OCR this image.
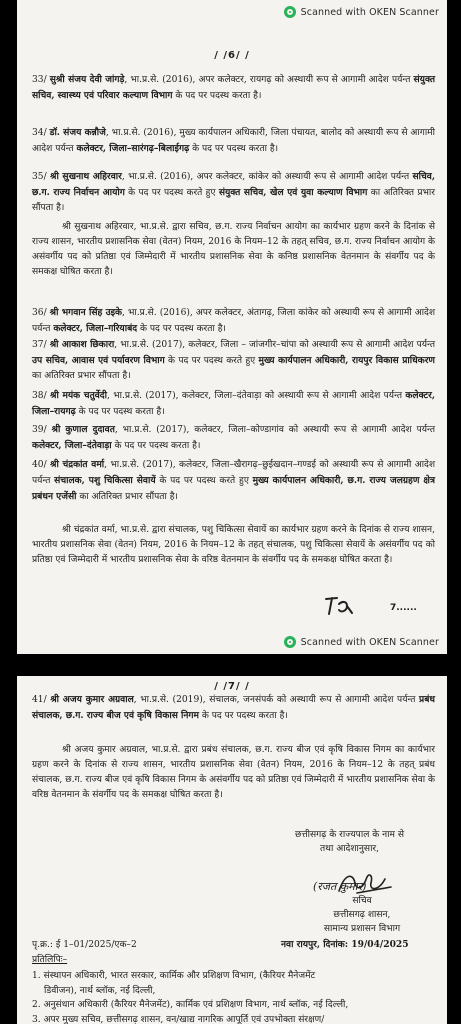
Scanned with OKEN Scanner
/ /6/ /

33/ सुश्री संजय देवी जांगड़े, भा.प्र.से. (2016), अपर कलेक्टर, रायगढ़ को अस्थायी रूप से आगामी आदेश पर्यन्त संयुक्त सचिव, स्वास्थ्य एवं परिवार कल्याण विभाग के पद पर पदस्थ करता है।

34/ डॉ. संजय कन्नौजे, भा.प्र.से. (2016), मुख्य कार्यपालन अधिकारी, जिला पंचायत, बालोद को अस्थायी रूप से आगामी आदेश पर्यन्त कलेक्टर, जिला–सारंगढ़–बिलाईगढ़ के पद पर पदस्थ करता है।

35/ श्री सुखनाथ अहिरवार, भा.प्र.से. (2016), अपर कलेक्टर, कांकेर को अस्थायी रूप से आगामी आदेश पर्यन्त सचिव, छ.ग. राज्य निर्वाचन आयोग के पद पर पदस्थ करते हुए संयुक्त सचिव, खेल एवं युवा कल्याण विभाग का अतिरिक्त प्रभार सौंपता है।

श्री सुखनाथ अहिरवार, भा.प्र.से. द्वारा सचिव, छ.ग. राज्य निर्वाचन आयोग का कार्यभार ग्रहण करने के दिनांक से राज्य शासन, भारतीय प्रशासनिक सेवा (वेतन) नियम, 2016 के नियम–12 के तहत् सचिव, छ.ग. राज्य निर्वाचन आयोग के असंवर्गीय पद को प्रतिष्ठा एवं जिम्मेदारी में भारतीय प्रशासनिक सेवा के कनिष्ठ प्रशासनिक वेतनमान के संवर्गीय पद के समकक्ष घोषित करता है।

36/ श्री भगवान सिंह उइके, भा.प्र.से. (2016), अपर कलेक्टर, अंतागढ़, जिला कांकेर को अस्थायी रूप से आगामी आदेश पर्यन्त कलेक्टर, जिला–गरियाबंद के पद पर पदस्थ करता है।

37/ श्री आकाश छिकारा, भा.प्र.से. (2017), कलेक्टर, जिला – जांजगीर–चांपा को अस्थायी रूप से आगामी आदेश पर्यन्त उप सचिव, आवास एवं पर्यावरण विभाग के पद पर पदस्थ करते हुए मुख्य कार्यपालन अधिकारी, रायपुर विकास प्राधिकरण का अतिरिक्त प्रभार सौंपता है।

38/ श्री मयंक चतुर्वेदी, भा.प्र.से. (2017), कलेक्टर, जिला–दंतेवाड़ा को अस्थायी रूप से आगामी आदेश पर्यन्त कलेक्टर, जिला–रायगढ़ के पद पर पदस्थ करता है।

39/ श्री कुणाल दुदावत, भा.प्र.से. (2017), कलेक्टर, जिला–कोण्डागांव को अस्थायी रूप से आगामी आदेश पर्यन्त कलेक्टर, जिला–दंतेवाड़ा के पद पर पदस्थ करता है।

40/ श्री चंद्रकांत वर्मा, भा.प्र.से. (2017), कलेक्टर, जिला–खैरागढ़–छुईखदान–गण्डई को अस्थायी रूप से आगामी आदेश पर्यन्त संचालक, पशु चिकित्सा सेवायें के पद पर पदस्थ करते हुए मुख्य कार्यपालन अधिकारी, छ.ग. राज्य जलग्रहण क्षेत्र प्रबंधन एजेंसी का अतिरिक्त प्रभार सौंपता है।

श्री चंद्रकांत वर्मा, भा.प्र.से. द्वारा संचालक, पशु चिकित्सा सेवायें का कार्यभार ग्रहण करने के दिनांक से राज्य शासन, भारतीय प्रशासनिक सेवा (वेतन) नियम, 2016 के नियम–12 के तहत् संचालक, पशु चिकित्सा सेवायें के असंवर्गीय पद को प्रतिष्ठा एवं जिम्मेदारी में भारतीय प्रशासनिक सेवा के वरिष्ठ वेतनमान के संवर्गीय पद के समकक्ष घोषित करता है।

7......
Scanned with OKEN Scanner
/ /7/ /

41/ श्री अजय कुमार अग्रवाल, भा.प्र.से. (2019), संचालक, जनसंपर्क को अस्थायी रूप से आगामी आदेश पर्यन्त प्रबंध संचालक, छ.ग. राज्य बीज एवं कृषि विकास निगम के पद पर पदस्थ करता है।

श्री अजय कुमार अग्रवाल, भा.प्र.से. द्वारा प्रबंध संचालक, छ.ग. राज्य बीज एवं कृषि विकास निगम का कार्यभार ग्रहण करने के दिनांक से राज्य शासन, भारतीय प्रशासनिक सेवा (वेतन) नियम, 2016 के नियम–12 के तहत् प्रबंध संचालक, छ.ग. राज्य बीज एवं कृषि विकास निगम के असंवर्गीय पद को प्रतिष्ठा एवं जिम्मेदारी में भारतीय प्रशासनिक सेवा के वरिष्ठ वेतनमान के संवर्गीय पद के समकक्ष घोषित करता है।

छत्तीसगढ़ के राज्यपाल के नाम से
तथा आदेशानुसार,

(रजत कुमार)

सचिव
छत्तीसगढ़ शासन,
सामान्य प्रशासन विभाग

पृ.क्र.: ई 1–01/2025/एक–2	नवा रायपुर, दिनांक: 19/04/2025
प्रतिलिपिः–
1. संस्थापन अधिकारी, भारत सरकार, कार्मिक और प्रशिक्षण विभाग, (कैरियर मैनेजमेंट
डिवीजन), नार्थ ब्लॉक, नई दिल्ली,
2. अनुसंधान अधिकारी (कैरियर मैनेजमेंट), कार्मिक एवं प्रशिक्षण विभाग, नार्थ ब्लॉक, नई दिल्ली,
3. अपर मुख्य सचिव, छत्तीसगढ़ शासन, वन/खाद्य नागरिक आपूर्ति एवं उपभोक्ता संरक्षण/
